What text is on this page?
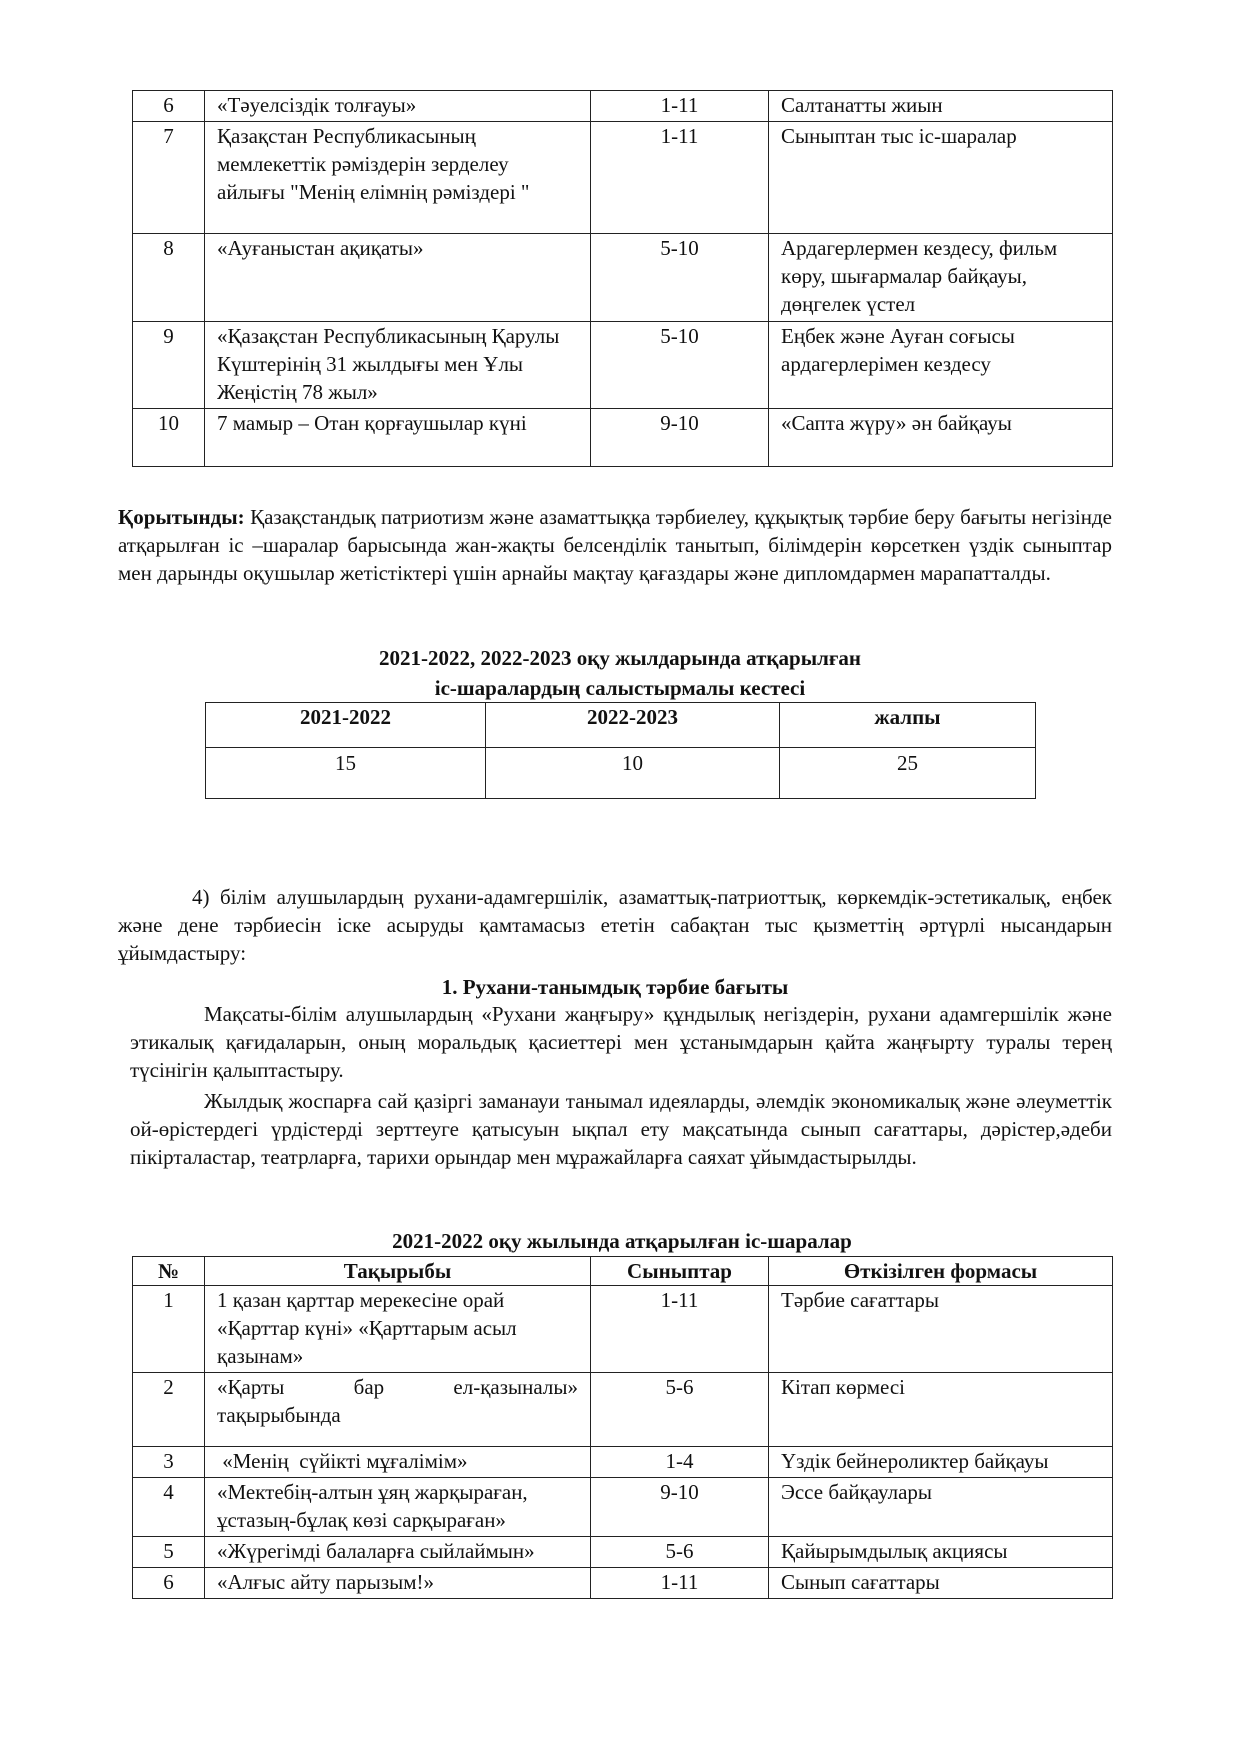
6	«Тәуелсіздік толғауы»	1-11	Салтанатты жиын
7	Қазақстан Республикасының мемлекеттік рәміздерін зерделеу айлығы "Менің елімнің рәміздері "	1-11	Сыныптан тыс іс-шаралар
8	«Ауғаныстан ақиқаты»	5-10	Ардагерлермен кездесу, фильм көру, шығармалар байқауы, дөңгелек үстел
9	«Қазақстан Республикасының Қарулы Күштерінің 31 жылдығы мен Ұлы Жеңістің 78 жыл»	5-10	Еңбек және Ауған соғысы ардагерлерімен кездесу
10	7 мамыр – Отан қорғаушылар күні	9-10	«Сапта жүру» ән байқауы
Қорытынды: Қазақстандық патриотизм және азаматтыққа тәрбиелеу, құқықтық тәрбие беру бағыты негізінде атқарылған іс –шаралар барысында жан-жақты белсенділік танытып, білімдерін көрсеткен үздік сыныптар мен дарынды оқушылар жетістіктері үшін арнайы мақтау қағаздары және дипломдармен марапатталды.
2021-2022, 2022-2023 оқу жылдарында атқарылған
іс-шаралардың салыстырмалы кестесі
2021-2022	2022-2023	жалпы
15	10	25
4) білім алушылардың рухани-адамгершілік, азаматтық-патриоттық, көркемдік-эстетикалық, еңбек және дене тәрбиесін іске асыруды қамтамасыз ететін сабақтан тыс қызметтің әртүрлі нысандарын ұйымдастыру:
1. Рухани-танымдық тәрбие бағыты

Мақсаты-білім алушылардың «Рухани жаңғыру» құндылық негіздерін, рухани адамгершілік және этикалық қағидаларын, оның моральдық қасиеттері мен ұстанымдарын қайта жаңғырту туралы терең түсінігін қалыптастыру.

Жылдық жоспарға сай қазіргі заманауи танымал идеяларды, әлемдік экономикалық және әлеуметтік ой-өрістердегі үрдістерді зерттеуге қатысуын ықпал ету мақсатында сынып сағаттары, дәрістер,әдеби пікірталастар, театрларға, тарихи орындар мен мұражайларға саяхат ұйымдастырылды.

2021-2022 оқу жылында атқарылған іс-шаралар
№	Тақырыбы	Сыныптар	Өткізілген формасы
1	1 қазан қарттар мерекесіне орай «Қарттар күні» «Қарттарым асыл қазынам»	1-11	Тәрбие сағаттары
2	«Қарты бар ел-қазыналы» тақырыбында	5-6	Кітап көрмесі
3	«Менің  сүйікті мұғалімім»	1-4	Үздік бейнероликтер байқауы
4	«Мектебің-алтын ұяң жарқыраған, ұстазың-бұлақ көзі сарқыраған»	9-10	Эссе байқаулары
5	«Жүрегімді балаларға сыйлаймын»	5-6	Қайырымдылық акциясы
6	«Алғыс айту парызым!»	1-11	Сынып сағаттары
